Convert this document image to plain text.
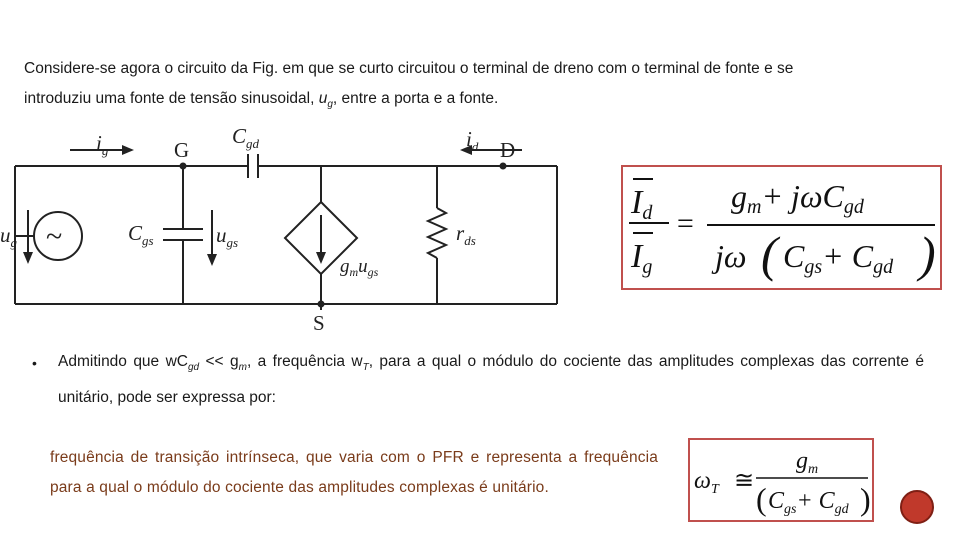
Considere-se agora o circuito da Fig. em que se curto circuitou o terminal de dreno com o terminal de fonte e se
introduziu uma fonte de tensão sinusoidal, $u_g$, entre a porta e a fonte.
~
$u_g$
$i_g$	G
$C_{gd}$	$i_d$ D
$C_{gs}$	$u_{gs}$	$r_{ds}$
$g_mu_{gs}$
S
Id
Ig
=
gm+ jωCgd
jω ( Cgs+ Cgd )
• Admitindo que $wC_{gd} << g_m$, a frequência $w_T$, para a qual o módulo do cociente das amplitudes complexas das corrente é unitário, pode ser expressa por:
frequência de transição intrínseca, que varia com o PFR e representa a frequência para a qual o módulo do cociente das amplitudes complexas é unitário.	$\omega_T$ ≅
$g_m$
( $C_{gs}+ C_{gd}$ )
